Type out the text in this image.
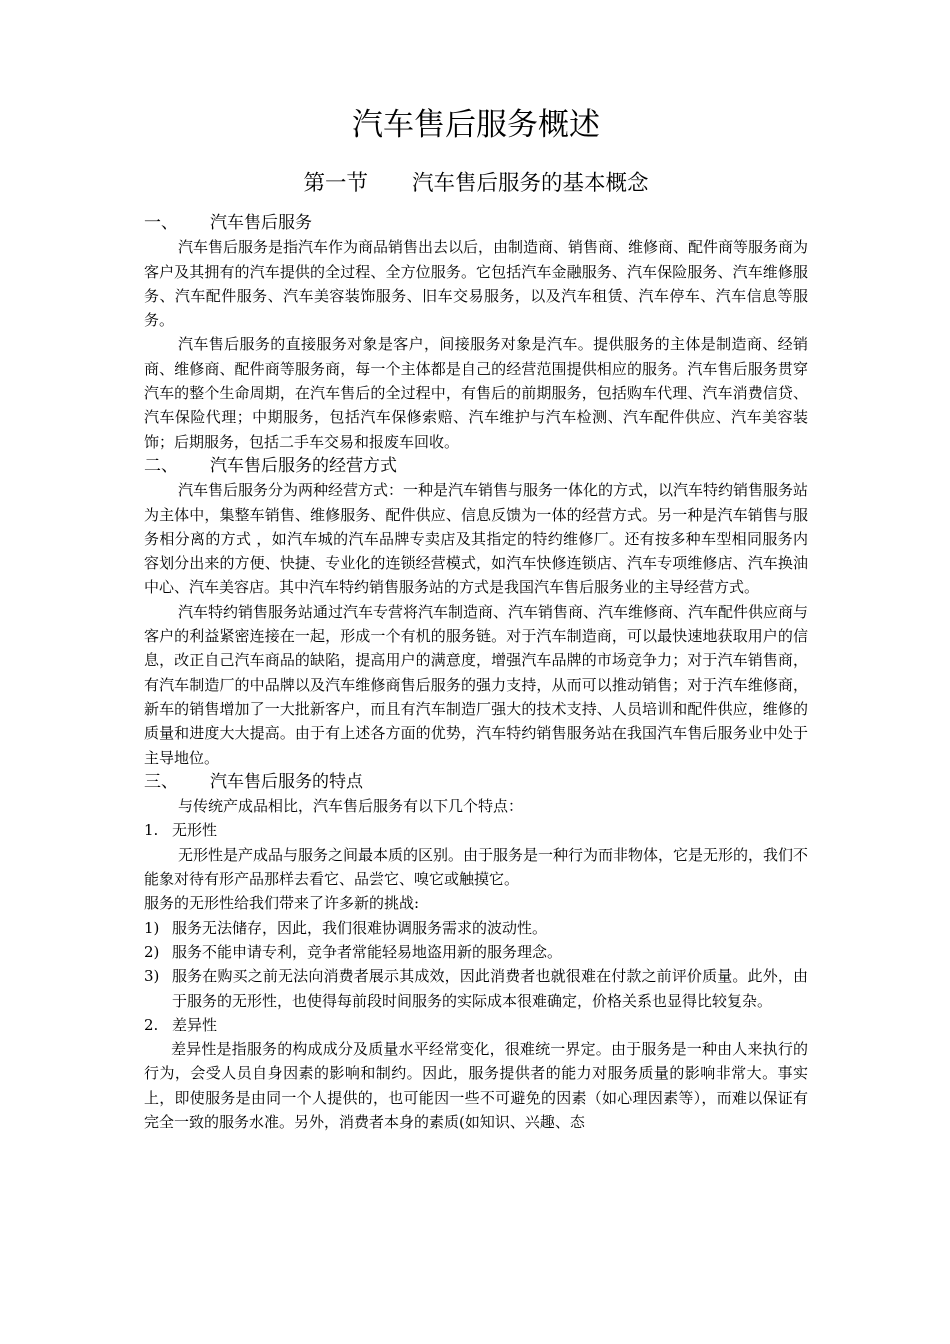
汽车售后服务概述
第一节 汽车售后服务的基本概念
一、	汽车售后服务

汽车售后服务是指汽车作为商品销售出去以后，由制造商、销售商、维修商、配件商等服务商为客户及其拥有的汽车提供的全过程、全方位服务。它包括汽车金融服务、汽车保险服务、汽车维修服务、汽车配件服务、汽车美容装饰服务、旧车交易服务，以及汽车租赁、汽车停车、汽车信息等服务。

汽车售后服务的直接服务对象是客户，间接服务对象是汽车。提供服务的主体是制造商、经销商、维修商、配件商等服务商，每一个主体都是自己的经营范围提供相应的服务。汽车售后服务贯穿汽车的整个生命周期，在汽车售后的全过程中，有售后的前期服务，包括购车代理、汽车消费信贷、汽车保险代理；中期服务，包括汽车保修索赔、汽车维护与汽车检测、汽车配件供应、汽车美容装饰；后期服务，包括二手车交易和报废车回收。

二、	汽车售后服务的经营方式

汽车售后服务分为两种经营方式：一种是汽车销售与服务一体化的方式，以汽车特约销售服务站为主体中，集整车销售、维修服务、配件供应、信息反馈为一体的经营方式。另一种是汽车销售与服务相分离的方式 ，如汽车城的汽车品牌专卖店及其指定的特约维修厂。还有按多种车型相同服务内容划分出来的方便、快捷、专业化的连锁经营模式，如汽车快修连锁店、汽车专项维修店、汽车换油中心、汽车美容店。其中汽车特约销售服务站的方式是我国汽车售后服务业的主导经营方式。

汽车特约销售服务站通过汽车专营将汽车制造商、汽车销售商、汽车维修商、汽车配件供应商与客户的利益紧密连接在一起，形成一个有机的服务链。对于汽车制造商，可以最快速地获取用户的信息，改正自己汽车商品的缺陷，提高用户的满意度，增强汽车品牌的市场竞争力；对于汽车销售商，有汽车制造厂的中品牌以及汽车维修商售后服务的强力支持，从而可以推动销售；对于汽车维修商，新车的销售增加了一大批新客户，而且有汽车制造厂强大的技术支持、人员培训和配件供应，维修的质量和进度大大提高。由于有上述各方面的优势，汽车特约销售服务站在我国汽车售后服务业中处于主导地位。

三、	汽车售后服务的特点

与传统产成品相比，汽车售后服务有以下几个特点：

1. 无形性

无形性是产成品与服务之间最本质的区别。由于服务是一种行为而非物体，它是无形的，我们不能象对待有形产品那样去看它、品尝它、嗅它或触摸它。

服务的无形性给我们带来了许多新的挑战:

1) 服务无法储存，因此，我们很难协调服务需求的波动性。
2) 服务不能申请专利，竞争者常能轻易地盗用新的服务理念。
3) 服务在购买之前无法向消费者展示其成效，因此消费者也就很难在付款之前评价质量。此外，由于服务的无形性，也使得每前段时间服务的实际成本很难确定，价格关系也显得比较复杂。
2. 差异性

差异性是指服务的构成成分及质量水平经常变化，很难统一界定。由于服务是一种由人来执行的行为，会受人员自身因素的影响和制约。因此，服务提供者的能力对服务质量的影响非常大。事实上，即使服务是由同一个人提供的，也可能因一些不可避免的因素（如心理因素等），而难以保证有完全一致的服务水准。另外，消费者本身的素质(如知识、兴趣、态
